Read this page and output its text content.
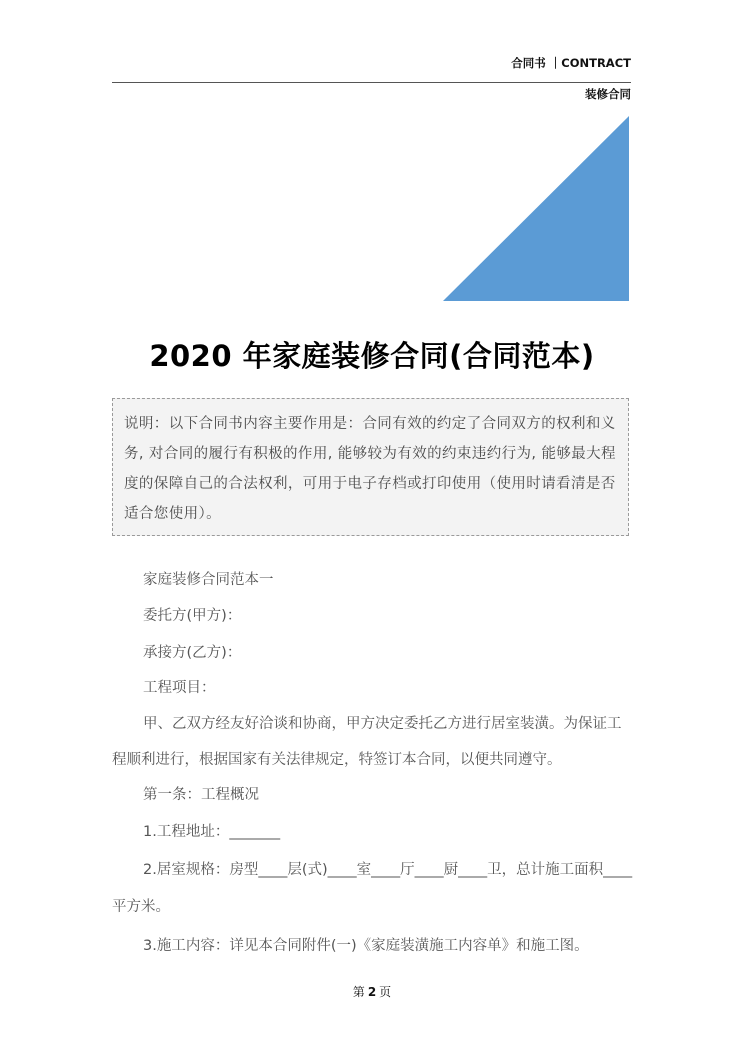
合同书 ｜CONTRACT
装修合同
2020 年家庭装修合同(合同范本)
说明：以下合同书内容主要作用是：合同有效的约定了合同双方的权利和义务, 对合同的履行有积极的作用, 能够较为有效的约束违约行为, 能够最大程度的保障自己的合法权利，可用于电子存档或打印使用（使用时请看清是否适合您使用）。
家庭装修合同范本一
委托方(甲方)：
承接方(乙方)：
工程项目：
甲、乙双方经友好洽谈和协商，甲方决定委托乙方进行居室装潢。为保证工
程顺利进行，根据国家有关法律规定，特签订本合同，以便共同遵守。
第一条：工程概况
1.工程地址：_______
2.居室规格：房型____层(式)____室____厅____厨____卫，总计施工面积____
平方米。
3.施工内容：详见本合同附件(一)《家庭装潢施工内容单》和施工图。
第 2 页
